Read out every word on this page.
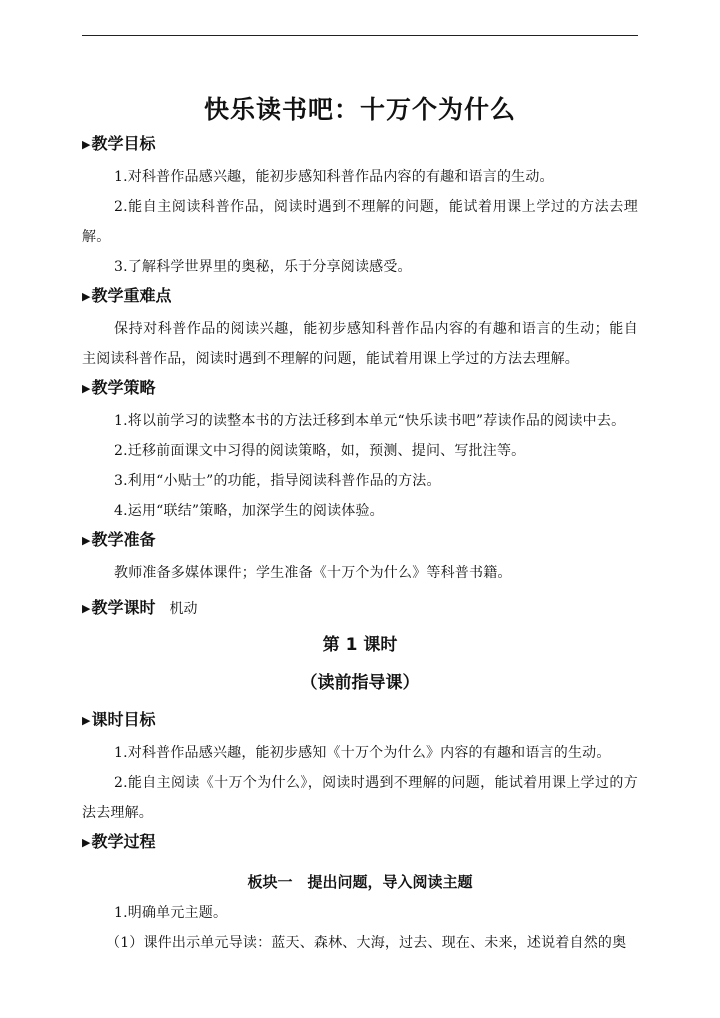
快乐读书吧：十万个为什么
▶教学目标
1.对科普作品感兴趣，能初步感知科普作品内容的有趣和语言的生动。
2.能自主阅读科普作品，阅读时遇到不理解的问题，能试着用课上学过的方法去理解。
3.了解科学世界里的奥秘，乐于分享阅读感受。
▶教学重难点
保持对科普作品的阅读兴趣，能初步感知科普作品内容的有趣和语言的生动；能自主阅读科普作品，阅读时遇到不理解的问题，能试着用课上学过的方法去理解。
▶教学策略
1.将以前学习的读整本书的方法迁移到本单元“快乐读书吧”荐读作品的阅读中去。
2.迁移前面课文中习得的阅读策略，如，预测、提问、写批注等。
3.利用“小贴士”的功能，指导阅读科普作品的方法。
4.运用“联结”策略，加深学生的阅读体验。
▶教学准备
教师准备多媒体课件；学生准备《十万个为什么》等科普书籍。
▶教学课时 机动
第 1 课时
（读前指导课）
▶课时目标
1.对科普作品感兴趣，能初步感知《十万个为什么》内容的有趣和语言的生动。
2.能自主阅读《十万个为什么》，阅读时遇到不理解的问题，能试着用课上学过的方法去理解。
▶教学过程
板块一　提出问题，导入阅读主题
1.明确单元主题。
（1）课件出示单元导读：蓝天、森林、大海，过去、现在、未来，述说着自然的奥
